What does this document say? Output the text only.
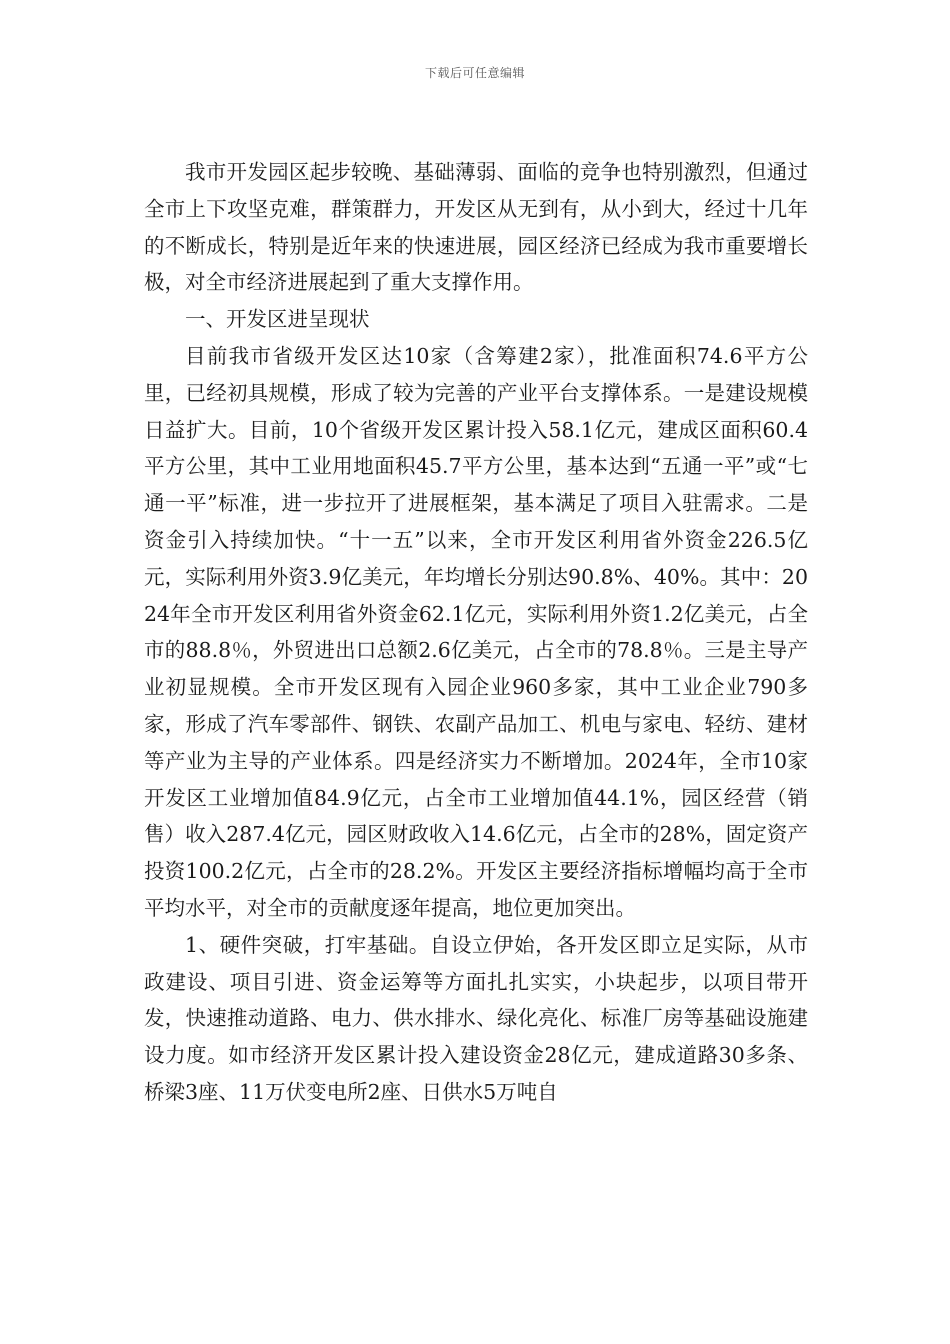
下载后可任意编辑

我市开发园区起步较晚、基础薄弱、面临的竞争也特别激烈，但通过全市上下攻坚克难，群策群力，开发区从无到有，从小到大，经过十几年的不断成长，特别是近年来的快速进展，园区经济已经成为我市重要增长极，对全市经济进展起到了重大支撑作用。

一、开发区进呈现状

目前我市省级开发区达10家（含筹建2家），批准面积74.6平方公里，已经初具规模，形成了较为完善的产业平台支撑体系。一是建设规模日益扩大。目前，10个省级开发区累计投入58.1亿元，建成区面积60.4平方公里，其中工业用地面积45.7平方公里，基本达到“五通一平”或“七通一平”标准，进一步拉开了进展框架，基本满足了项目入驻需求。二是资金引入持续加快。“十一五”以来，全市开发区利用省外资金226.5亿元，实际利用外资3.9亿美元，年均增长分别达90.8%、40%。其中：2024年全市开发区利用省外资金62.1亿元，实际利用外资1.2亿美元，占全市的88.8％，外贸进出口总额2.6亿美元，占全市的78.8％。三是主导产业初显规模。全市开发区现有入园企业960多家，其中工业企业790多家，形成了汽车零部件、钢铁、农副产品加工、机电与家电、轻纺、建材等产业为主导的产业体系。四是经济实力不断增加。2024年，全市10家开发区工业增加值84.9亿元，占全市工业增加值44.1%，园区经营（销售）收入287.4亿元，园区财政收入14.6亿元，占全市的28%，固定资产投资100.2亿元，占全市的28.2%。开发区主要经济指标增幅均高于全市平均水平，对全市的贡献度逐年提高，地位更加突出。

1、硬件突破，打牢基础。自设立伊始，各开发区即立足实际，从市政建设、项目引进、资金运筹等方面扎扎实实，小块起步，以项目带开发，快速推动道路、电力、供水排水、绿化亮化、标准厂房等基础设施建设力度。如市经济开发区累计投入建设资金28亿元，建成道路30多条、桥梁3座、11万伏变电所2座、日供水5万吨自
